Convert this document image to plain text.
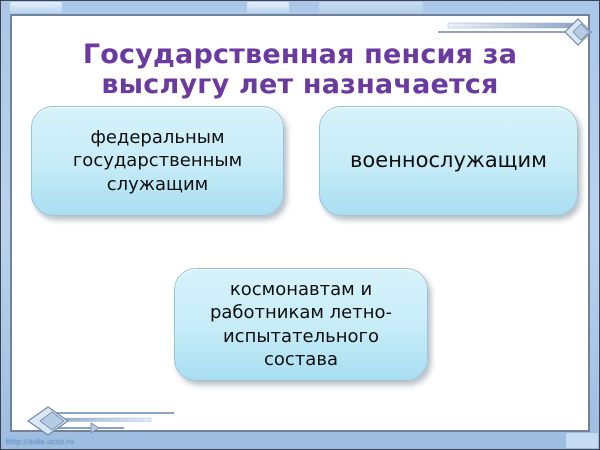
Государственная пенсия за
выслугу лет назначается
федеральным
государственным
служащим
военнослужащим
космонавтам и
работникам летно-
испытательного
состава
http://aida.ucoz.ru
